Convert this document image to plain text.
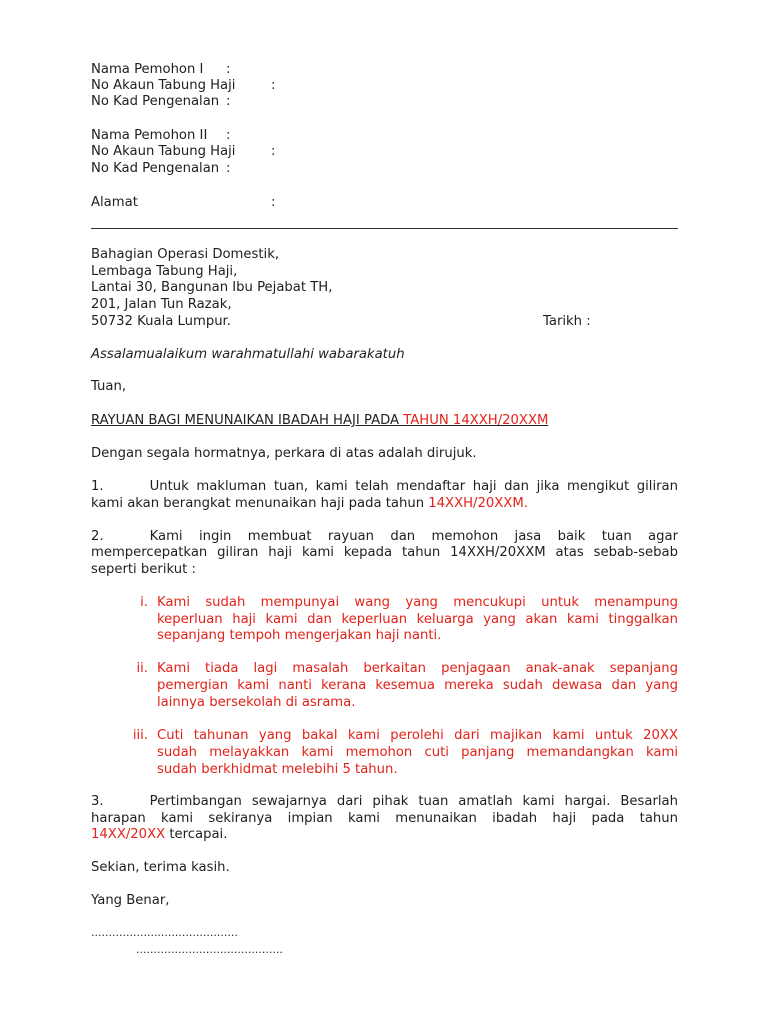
Nama Pemohon I :
No Akaun Tabung Haji	:
No Kad Pengenalan :
Nama Pemohon II :
No Akaun Tabung Haji	:
No Kad Pengenalan :
Alamat	:
Bahagian Operasi Domestik,
Lembaga Tabung Haji,
Lantai 30, Bangunan Ibu Pejabat TH,
201, Jalan Tun Razak,
50732 Kuala Lumpur.	Tarikh :
Assalamualaikum warahmatullahi wabarakatuh
Tuan,
RAYUAN BAGI MENUNAIKAN IBADAH HAJI PADA TAHUN 14XXH/20XXM
Dengan segala hormatnya, perkara di atas adalah dirujuk.
1.	Untuk makluman tuan, kami telah mendaftar haji dan jika mengikut giliran
kami akan berangkat menunaikan haji pada tahun 14XXH/20XXM.
2.	Kami ingin membuat rayuan dan memohon jasa baik tuan agar
mempercepatkan giliran haji kami kepada tahun 14XXH/20XXM atas sebab-sebab
seperti berikut :
i. Kami sudah mempunyai wang yang mencukupi untuk menampung
keperluan haji kami dan keperluan keluarga yang akan kami tinggalkan
sepanjang tempoh mengerjakan haji nanti.
ii. Kami tiada lagi masalah berkaitan penjagaan anak-anak sepanjang
pemergian kami nanti kerana kesemua mereka sudah dewasa dan yang
lainnya bersekolah di asrama.
iii. Cuti tahunan yang bakal kami perolehi dari majikan kami untuk 20XX
sudah melayakkan kami memohon cuti panjang memandangkan kami
sudah berkhidmat melebihi 5 tahun.
3.	Pertimbangan sewajarnya dari pihak tuan amatlah kami hargai. Besarlah
harapan kami sekiranya impian kami menunaikan ibadah haji pada tahun
14XX/20XX tercapai.
Sekian, terima kasih.
Yang Benar,
..........................................
..........................................
